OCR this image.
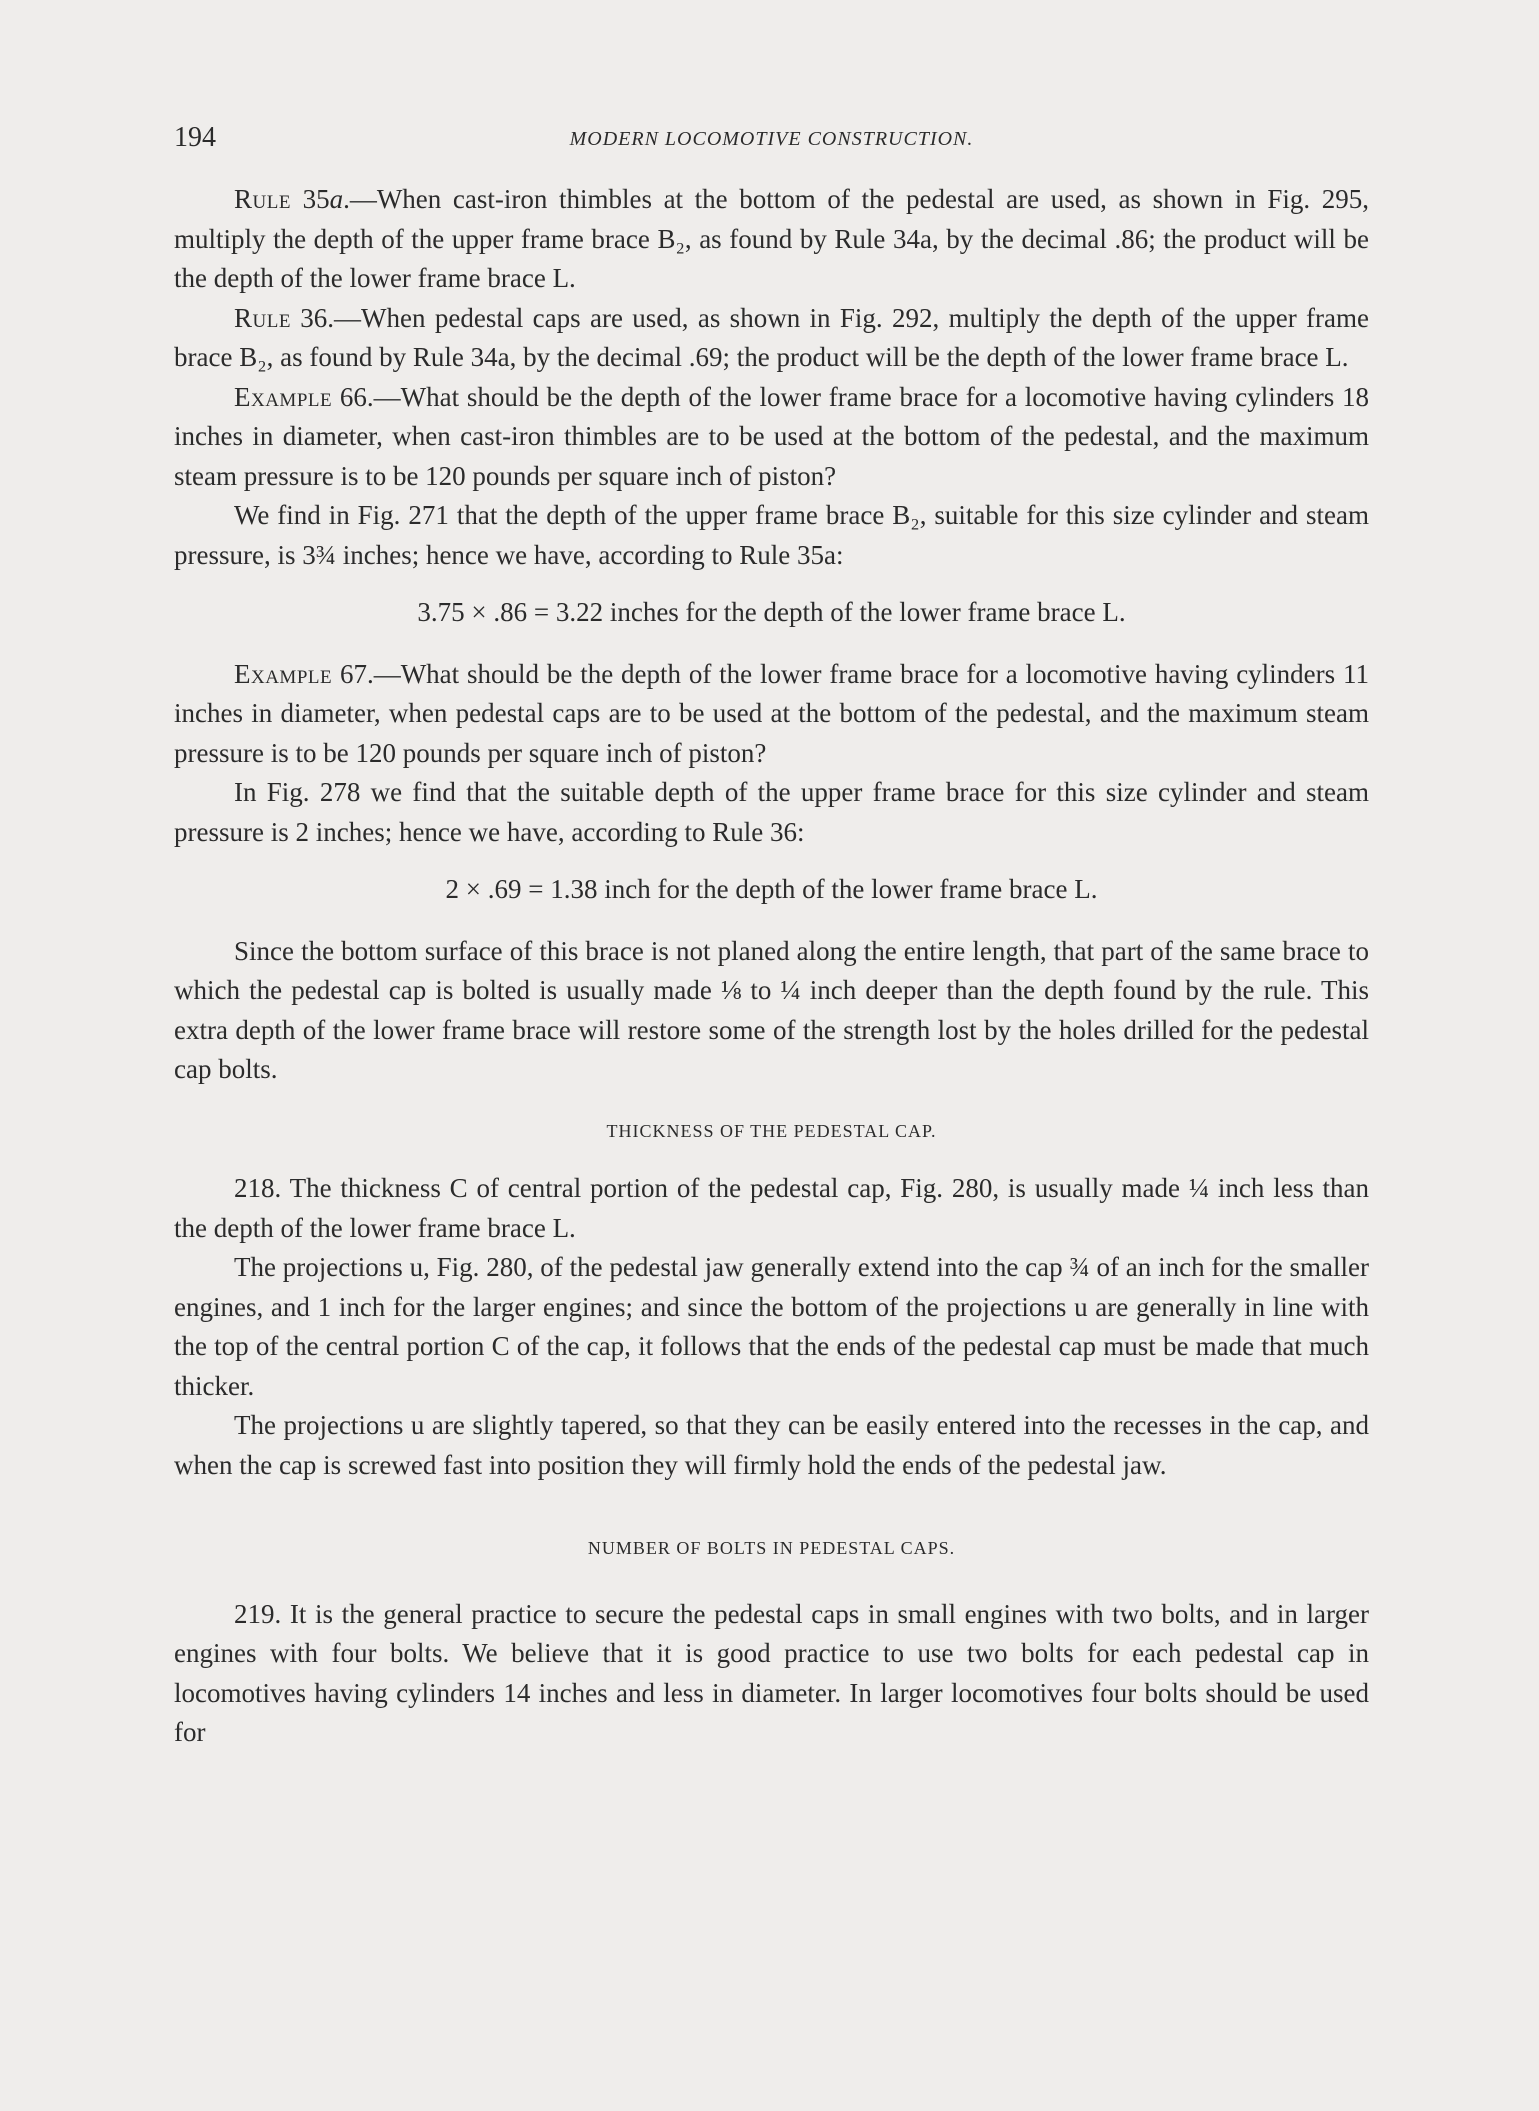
194	MODERN LOCOMOTIVE CONSTRUCTION.

Rule 35a.—When cast-iron thimbles at the bottom of the pedestal are used, as shown in Fig. 295, multiply the depth of the upper frame brace B₂, as found by Rule 34a, by the decimal .86; the product will be the depth of the lower frame brace L.

Rule 36.—When pedestal caps are used, as shown in Fig. 292, multiply the depth of the upper frame brace B₂, as found by Rule 34a, by the decimal .69; the product will be the depth of the lower frame brace L.

Example 66.—What should be the depth of the lower frame brace for a locomotive having cylinders 18 inches in diameter, when cast-iron thimbles are to be used at the bottom of the pedestal, and the maximum steam pressure is to be 120 pounds per square inch of piston?

We find in Fig. 271 that the depth of the upper frame brace B₂, suitable for this size cylinder and steam pressure, is 3¾ inches; hence we have, according to Rule 35a:

3.75 × .86 = 3.22 inches for the depth of the lower frame brace L.

Example 67.—What should be the depth of the lower frame brace for a locomotive having cylinders 11 inches in diameter, when pedestal caps are to be used at the bottom of the pedestal, and the maximum steam pressure is to be 120 pounds per square inch of piston?

In Fig. 278 we find that the suitable depth of the upper frame brace for this size cylinder and steam pressure is 2 inches; hence we have, according to Rule 36:

2 × .69 = 1.38 inch for the depth of the lower frame brace L.

Since the bottom surface of this brace is not planed along the entire length, that part of the same brace to which the pedestal cap is bolted is usually made ⅛ to ¼ inch deeper than the depth found by the rule. This extra depth of the lower frame brace will restore some of the strength lost by the holes drilled for the pedestal cap bolts.

THICKNESS OF THE PEDESTAL CAP.

218. The thickness C of central portion of the pedestal cap, Fig. 280, is usually made ¼ inch less than the depth of the lower frame brace L.

The projections u, Fig. 280, of the pedestal jaw generally extend into the cap ¾ of an inch for the smaller engines, and 1 inch for the larger engines; and since the bottom of the projections u are generally in line with the top of the central portion C of the cap, it follows that the ends of the pedestal cap must be made that much thicker.

The projections u are slightly tapered, so that they can be easily entered into the recesses in the cap, and when the cap is screwed fast into position they will firmly hold the ends of the pedestal jaw.

NUMBER OF BOLTS IN PEDESTAL CAPS.

219. It is the general practice to secure the pedestal caps in small engines with two bolts, and in larger engines with four bolts. We believe that it is good practice to use two bolts for each pedestal cap in locomotives having cylinders 14 inches and less in diameter. In larger locomotives four bolts should be used for
